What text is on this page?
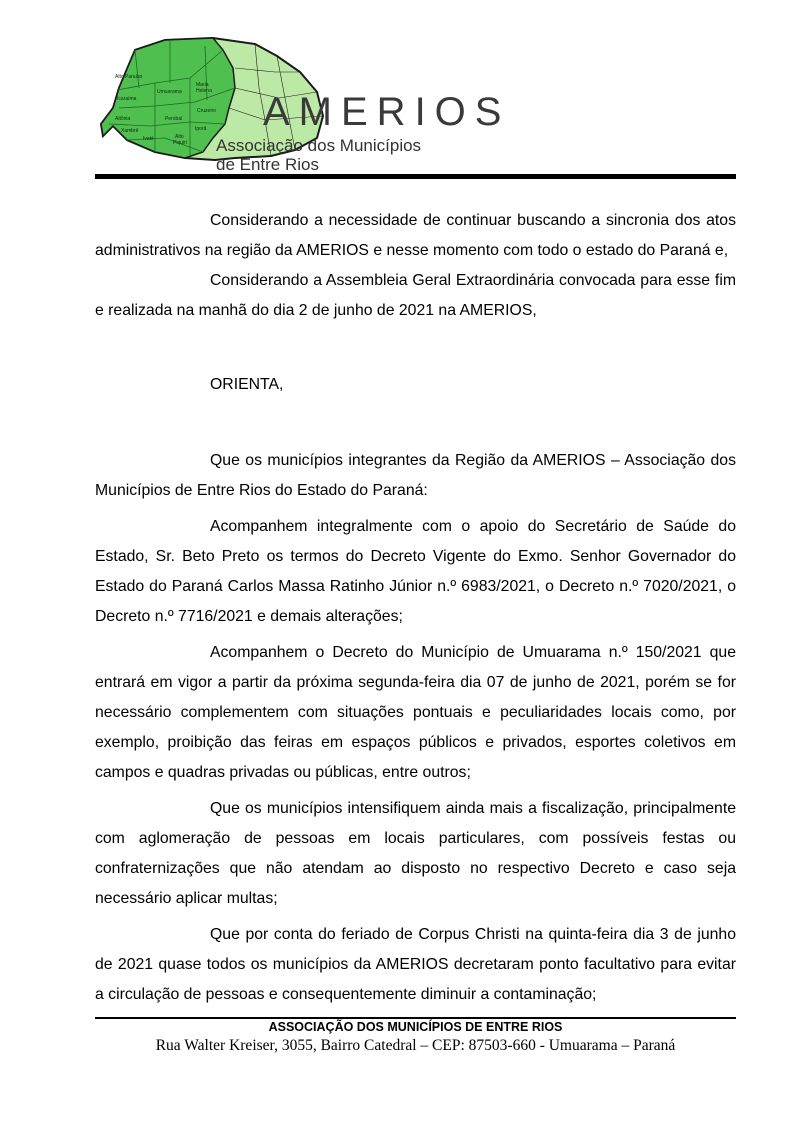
Alto Paraíso
Umuarama
Maria
Helena
Altônia	Perobal
Ivaté
Icaraíma
Cruzeiro
Alto
Piquiri
Xambrê	Iporã AMERIOS
Associação dos Municípios
de Entre Rios

Considerando a necessidade de continuar buscando a sincronia dos atos administrativos na região da AMERIOS e nesse momento com todo o estado do Paraná e,

Considerando a Assembleia Geral Extraordinária convocada para esse fim e realizada na manhã do dia 2 de junho de 2021 na AMERIOS,

ORIENTA,

Que os municípios integrantes da Região da AMERIOS – Associação dos Municípios de Entre Rios do Estado do Paraná:

Acompanhem integralmente com o apoio do Secretário de Saúde do Estado, Sr. Beto Preto os termos do Decreto Vigente do Exmo. Senhor Governador do Estado do Paraná Carlos Massa Ratinho Júnior n.º 6983/2021, o Decreto n.º 7020/2021, o Decreto n.º 7716/2021 e demais alterações;

Acompanhem o Decreto do Município de Umuarama n.º 150/2021 que entrará em vigor a partir da próxima segunda-feira dia 07 de junho de 2021, porém se for necessário complementem com situações pontuais e peculiaridades locais como, por exemplo, proibição das feiras em espaços públicos e privados, esportes coletivos em campos e quadras privadas ou públicas, entre outros;

Que os municípios intensifiquem ainda mais a fiscalização, principalmente com aglomeração de pessoas em locais particulares, com possíveis festas ou confraternizações que não atendam ao disposto no respectivo Decreto e caso seja necessário aplicar multas;

Que por conta do feriado de Corpus Christi na quinta-feira dia 3 de junho de 2021 quase todos os municípios da AMERIOS decretaram ponto facultativo para evitar a circulação de pessoas e consequentemente diminuir a contaminação;

ASSOCIAÇÃO DOS MUNICÍPIOS DE ENTRE RIOS
Rua Walter Kreiser, 3055, Bairro Catedral – CEP: 87503-660 - Umuarama – Paraná
